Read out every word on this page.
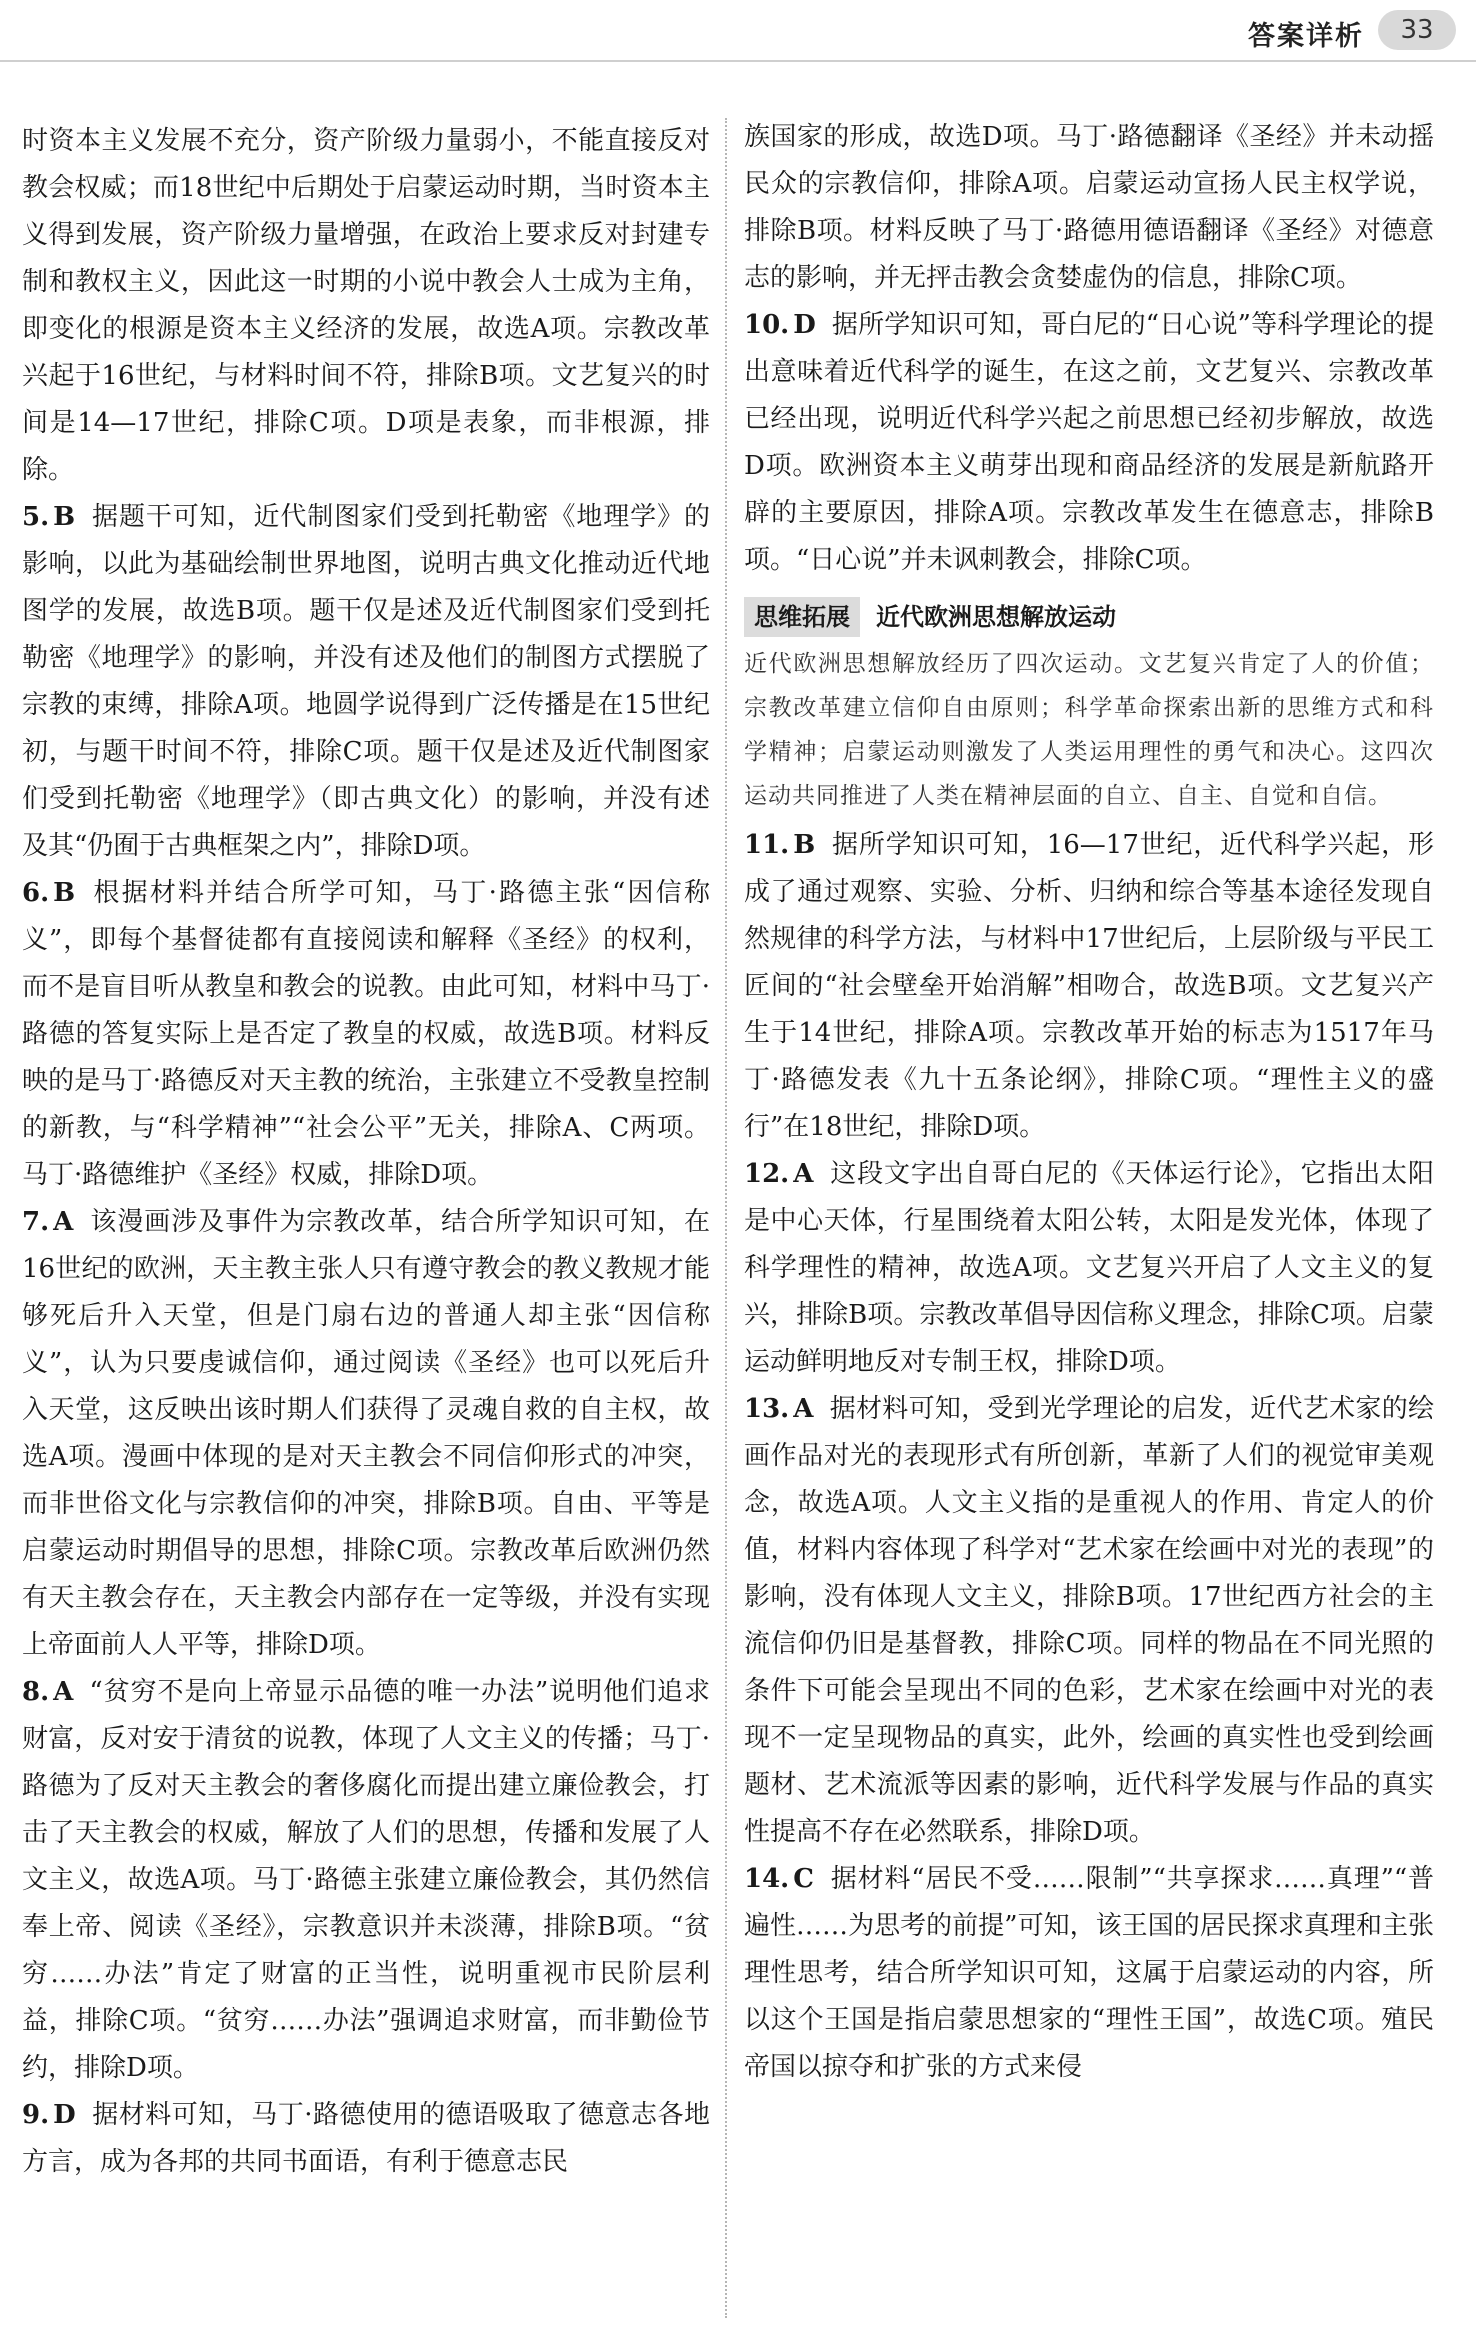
答案详析	33

时资本主义发展不充分，资产阶级力量弱小，不能直接反对教会权威；而18世纪中后期处于启蒙运动时期，当时资本主义得到发展，资产阶级力量增强，在政治上要求反对封建专制和教权主义，因此这一时期的小说中教会人士成为主角，即变化的根源是资本主义经济的发展，故选A项。宗教改革兴起于16世纪，与材料时间不符，排除B项。文艺复兴的时间是14—17世纪，排除C项。D项是表象，而非根源，排除。

5. B 据题干可知，近代制图家们受到托勒密《地理学》的影响，以此为基础绘制世界地图，说明古典文化推动近代地图学的发展，故选B项。题干仅是述及近代制图家们受到托勒密《地理学》的影响，并没有述及他们的制图方式摆脱了宗教的束缚，排除A项。地圆学说得到广泛传播是在15世纪初，与题干时间不符，排除C项。题干仅是述及近代制图家们受到托勒密《地理学》（即古典文化）的影响，并没有述及其“仍囿于古典框架之内”，排除D项。

6. B 根据材料并结合所学可知，马丁·路德主张“因信称义”，即每个基督徒都有直接阅读和解释《圣经》的权利，而不是盲目听从教皇和教会的说教。由此可知，材料中马丁·路德的答复实际上是否定了教皇的权威，故选B项。材料反映的是马丁·路德反对天主教的统治，主张建立不受教皇控制的新教，与“科学精神”“社会公平”无关，排除A、C两项。马丁·路德维护《圣经》权威，排除D项。

7. A 该漫画涉及事件为宗教改革，结合所学知识可知，在16世纪的欧洲，天主教主张人只有遵守教会的教义教规才能够死后升入天堂，但是门扇右边的普通人却主张“因信称义”，认为只要虔诚信仰，通过阅读《圣经》也可以死后升入天堂，这反映出该时期人们获得了灵魂自救的自主权，故选A项。漫画中体现的是对天主教会不同信仰形式的冲突，而非世俗文化与宗教信仰的冲突，排除B项。自由、平等是启蒙运动时期倡导的思想，排除C项。宗教改革后欧洲仍然有天主教会存在，天主教会内部存在一定等级，并没有实现上帝面前人人平等，排除D项。

8. A “贫穷不是向上帝显示品德的唯一办法”说明他们追求财富，反对安于清贫的说教，体现了人文主义的传播；马丁·路德为了反对天主教会的奢侈腐化而提出建立廉俭教会，打击了天主教会的权威，解放了人们的思想，传播和发展了人文主义，故选A项。马丁·路德主张建立廉俭教会，其仍然信奉上帝、阅读《圣经》，宗教意识并未淡薄，排除B项。“贫穷……办法”肯定了财富的正当性，说明重视市民阶层利益，排除C项。“贫穷……办法”强调追求财富，而非勤俭节约，排除D项。

9. D 据材料可知，马丁·路德使用的德语吸取了德意志各地方言，成为各邦的共同书面语，有利于德意志民

族国家的形成，故选D项。马丁·路德翻译《圣经》并未动摇民众的宗教信仰，排除A项。启蒙运动宣扬人民主权学说，排除B项。材料反映了马丁·路德用德语翻译《圣经》对德意志的影响，并无抨击教会贪婪虚伪的信息，排除C项。

10. D 据所学知识可知，哥白尼的“日心说”等科学理论的提出意味着近代科学的诞生，在这之前，文艺复兴、宗教改革已经出现，说明近代科学兴起之前思想已经初步解放，故选D项。欧洲资本主义萌芽出现和商品经济的发展是新航路开辟的主要原因，排除A项。宗教改革发生在德意志，排除B项。“日心说”并未讽刺教会，排除C项。

思维拓展 近代欧洲思想解放运动

近代欧洲思想解放经历了四次运动。文艺复兴肯定了人的价值；宗教改革建立信仰自由原则；科学革命探索出新的思维方式和科学精神；启蒙运动则激发了人类运用理性的勇气和决心。这四次运动共同推进了人类在精神层面的自立、自主、自觉和自信。

11. B 据所学知识可知，16—17世纪，近代科学兴起，形成了通过观察、实验、分析、归纳和综合等基本途径发现自然规律的科学方法，与材料中17世纪后，上层阶级与平民工匠间的“社会壁垒开始消解”相吻合，故选B项。文艺复兴产生于14世纪，排除A项。宗教改革开始的标志为1517年马丁·路德发表《九十五条论纲》，排除C项。“理性主义的盛行”在18世纪，排除D项。

12. A 这段文字出自哥白尼的《天体运行论》，它指出太阳是中心天体，行星围绕着太阳公转，太阳是发光体，体现了科学理性的精神，故选A项。文艺复兴开启了人文主义的复兴，排除B项。宗教改革倡导因信称义理念，排除C项。启蒙运动鲜明地反对专制王权，排除D项。

13. A 据材料可知，受到光学理论的启发，近代艺术家的绘画作品对光的表现形式有所创新，革新了人们的视觉审美观念，故选A项。人文主义指的是重视人的作用、肯定人的价值，材料内容体现了科学对“艺术家在绘画中对光的表现”的影响，没有体现人文主义，排除B项。17世纪西方社会的主流信仰仍旧是基督教，排除C项。同样的物品在不同光照的条件下可能会呈现出不同的色彩，艺术家在绘画中对光的表现不一定呈现物品的真实，此外，绘画的真实性也受到绘画题材、艺术流派等因素的影响，近代科学发展与作品的真实性提高不存在必然联系，排除D项。

14. C 据材料“居民不受……限制”“共享探求……真理”“普遍性……为思考的前提”可知，该王国的居民探求真理和主张理性思考，结合所学知识可知，这属于启蒙运动的内容，所以这个王国是指启蒙思想家的“理性王国”，故选C项。殖民帝国以掠夺和扩张的方式来侵
